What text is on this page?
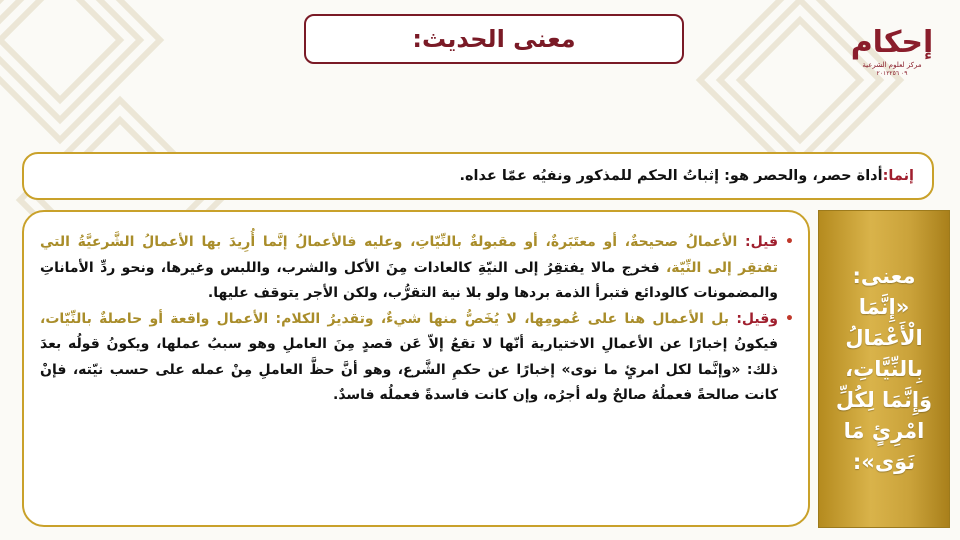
معنى الحديث:	إحكام
مركز لعلوم الشرعية
٠٩ ٢٠١٢٢٥٦
إنما:
أداة حصر، والحصر هو: إثباتُ الحكم للمذكور ونفيُه عمّا عداه.

•
قيل: الأعمالُ صحيحةٌ، أو معتَبَرةٌ، أو مقبولةٌ بالنِّيّاتِ، وعليه فالأعمالُ إنَّما أُرِيدَ بها الأعمالُ الشَّرعيَّةُ التي تفتقِر إلى النِّيّة، فخرج مالا يفتقِرُ إلى النيّةِ كالعادات مِنَ الأكل والشرب، واللبس وغيرها، ونحو ردِّ الأماناتِ والمضمونات كالودائع فتبرأ الذمة بردها ولو بلا نية التقرُّب، ولكن الأجر يتوقف عليها.

•
وقيل: بل الأعمال هنا على عُمومِها، لا يُخَصُّ منها شيءٌ، وتقديرُ الكلام: الأعمال واقعة أو حاصلةٌ بالنِّيّات، فيكونُ إخبارًا عن الأعمالِ الاختيارية أنّها لا تقعُ إلاّ عَن قصدٍ مِنَ العاملِ وهو سببُ عملها، ويكونُ قولُه بعدَ ذلك: «وإنَّما لكل امرئٍ ما نوى» إخبارًا عن حكمِ الشَّرع، وهو أنَّ حظَّ العاملِ مِنْ عمله على حسب نيّته، فإنْ كانت صالحةً فعملُهُ صالحٌ وله أجرُه، وإن كانت فاسدةً فعملُه فاسدٌ.

معنى:
«إِنَّمَا الْأَعْمَالُ بِالنِّيَّاتِ، وَإِنَّمَا لِكُلِّ امْرِئٍ مَا نَوَى»:
